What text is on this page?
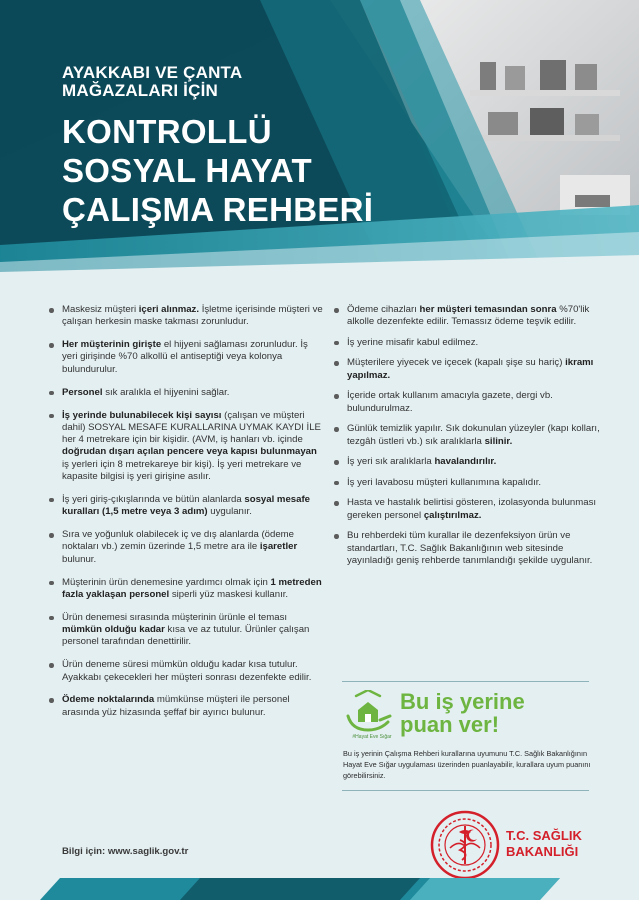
AYAKKABI VE ÇANTA
MAĞAZALARI İÇİN
KONTROLLÜ
SOSYAL HAYAT
ÇALIŞMA REHBERİ
Maskesiz müşteri içeri alınmaz. İşletme içerisinde müşteri ve çalışan herkesin maske takması zorunludur.
Her müşterinin girişte el hijyeni sağlaması zorunludur. İş yeri girişinde %70 alkollü el antiseptiği veya kolonya bulundurulur.
Personel sık aralıkla el hijyenini sağlar.
İş yerinde bulunabilecek kişi sayısı (çalışan ve müşteri dahil) SOSYAL MESAFE KURALLARINA UYMAK KAYDI İLE her 4 metrekare için bir kişidir. (AVM, iş hanları vb. içinde doğrudan dışarı açılan pencere veya kapısı bulunmayan iş yerleri için 8 metrekareye bir kişi). İş yeri metrekare ve kapasite bilgisi iş yeri girişine asılır.
İş yeri giriş-çıkışlarında ve bütün alanlarda sosyal mesafe kuralları (1,5 metre veya 3 adım) uygulanır.
Sıra ve yoğunluk olabilecek iç ve dış alanlarda (ödeme noktaları vb.) zemin üzerinde 1,5 metre ara ile işaretler bulunur.
Müşterinin ürün denemesine yardımcı olmak için 1 metreden fazla yaklaşan personel siperli yüz maskesi kullanır.
Ürün denemesi sırasında müşterinin ürünle el teması mümkün olduğu kadar kısa ve az tutulur. Ürünler çalışan personel tarafından denettirilir.
Ürün deneme süresi mümkün olduğu kadar kısa tutulur. Ayakkabı çekecekleri her müşteri sonrası dezenfekte edilir.
Ödeme noktalarında mümkünse müşteri ile personel arasında yüz hizasında şeffaf bir ayırıcı bulunur.
Ödeme cihazları her müşteri temasından sonra %70'lik alkolle dezenfekte edilir. Temassız ödeme teşvik edilir.
İş yerine misafir kabul edilmez.
Müşterilere yiyecek ve içecek (kapalı şişe su hariç) ikramı yapılmaz.
İçeride ortak kullanım amacıyla gazete, dergi vb. bulundurulmaz.
Günlük temizlik yapılır. Sık dokunulan yüzeyler (kapı kolları, tezgâh üstleri vb.) sık aralıklarla silinir.
İş yeri sık aralıklarla havalandırılır.
İş yeri lavabosu müşteri kullanımına kapalıdır.
Hasta ve hastalık belirtisi gösteren, izolasyonda bulunması gereken personel çalıştırılmaz.
Bu rehberdeki tüm kurallar ile dezenfeksiyon ürün ve standartları, T.C. Sağlık Bakanlığının web sitesinde yayınladığı geniş rehberde tanımlandığı şekilde uygulanır.
#Hayat Eve Sığar
Bu iş yerine
puan ver!
Bu iş yerinin Çalışma Rehberi kurallarına uyumunu T.C. Sağlık Bakanlığının Hayat Eve Sığar uygulaması üzerinden puanlayabilir, kurallara uyum puanını görebilirsiniz.
Bilgi için: www.saglik.gov.tr
T.C. SAĞLIK
BAKANLIĞI
